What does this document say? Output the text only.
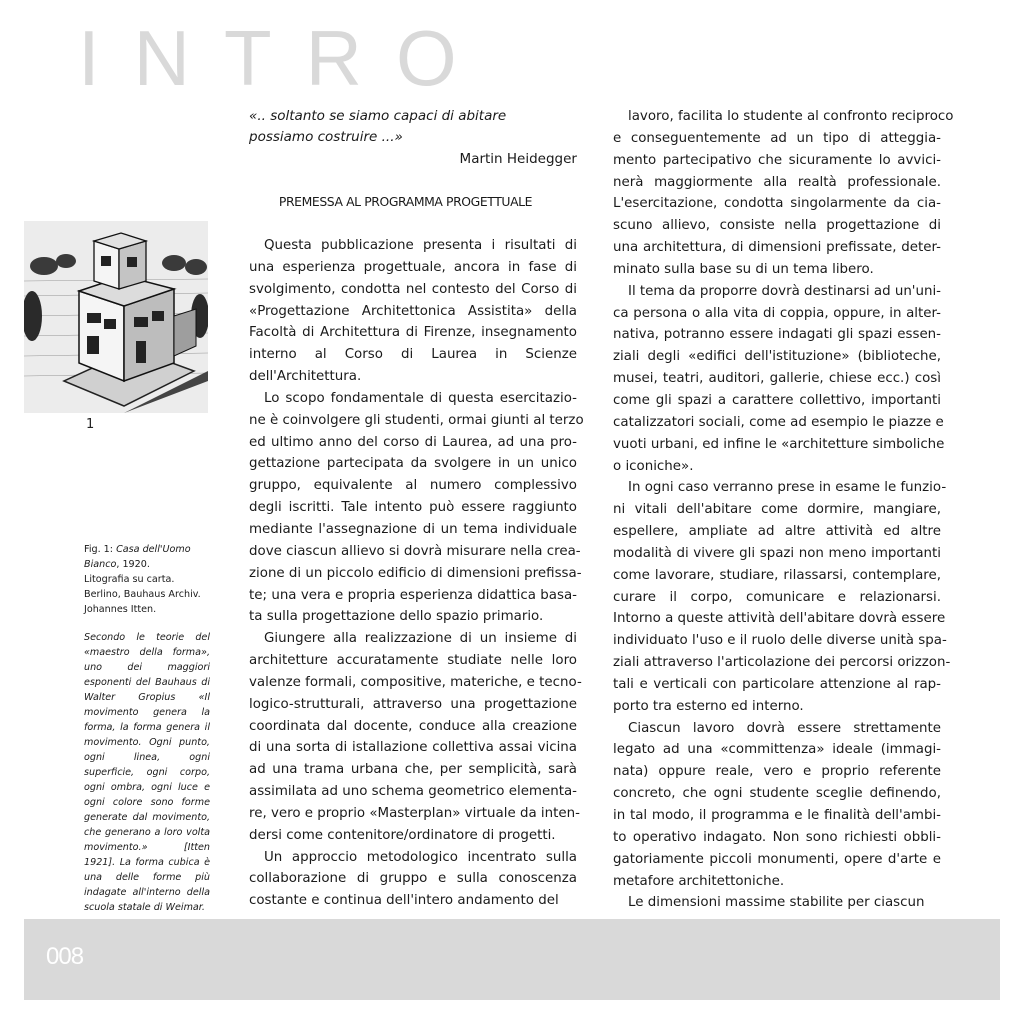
INTRO
1

Fig. 1: Casa dell'Uomo Bianco, 1920.

Litografia su carta. Berlino, Bauhaus Archiv. Johannes Itten.

Secondo le teorie del «maestro della forma», uno dei maggiori esponenti del Bauhaus di Walter Gropius «Il movimento genera la forma, la forma genera il movimento. Ogni punto, ogni linea, ogni superficie, ogni corpo, ogni ombra, ogni luce e ogni colore sono forme generate dal movimento, che generano a loro volta movimento.» [Itten 1921]. La forma cubica è una delle forme più indagate all'interno della scuola statale di Weimar.

«.. soltanto se siamo capaci di abitare
possiamo costruire ...»
Martin Heidegger
PREMESSA AL PROGRAMMA PROGETTUALE
Questa pubblicazione presenta i risultati di
una esperienza progettuale, ancora in fase di
svolgimento, condotta nel contesto del Corso di
«Progettazione Architettonica Assistita» della
Facoltà di Architettura di Firenze, insegnamento
interno al Corso di Laurea in Scienze
dell'Architettura.
Lo scopo fondamentale di questa esercitazio-
ne è coinvolgere gli studenti, ormai giunti al terzo
ed ultimo anno del corso di Laurea, ad una pro-
gettazione partecipata da svolgere in un unico
gruppo, equivalente al numero complessivo
degli iscritti. Tale intento può essere raggiunto
mediante l'assegnazione di un tema individuale
dove ciascun allievo si dovrà misurare nella crea-
zione di un piccolo edificio di dimensioni prefissa-
te; una vera e propria esperienza didattica basa-
ta sulla progettazione dello spazio primario.
Giungere alla realizzazione di un insieme di
architetture accuratamente studiate nelle loro
valenze formali, compositive, materiche, e tecno-
logico-strutturali, attraverso una progettazione
coordinata dal docente, conduce alla creazione
di una sorta di istallazione collettiva assai vicina
ad una trama urbana che, per semplicità, sarà
assimilata ad uno schema geometrico elementa-
re, vero e proprio «Masterplan» virtuale da inten-
dersi come contenitore/ordinatore di progetti.
Un approccio metodologico incentrato sulla
collaborazione di gruppo e sulla conoscenza
costante e continua dell'intero andamento del
lavoro, facilita lo studente al confronto reciproco
e conseguentemente ad un tipo di atteggia-
mento partecipativo che sicuramente lo avvici-
nerà maggiormente alla realtà professionale.
L'esercitazione, condotta singolarmente da cia-
scuno allievo, consiste nella progettazione di
una architettura, di dimensioni prefissate, deter-
minato sulla base su di un tema libero.
Il tema da proporre dovrà destinarsi ad un'uni-
ca persona o alla vita di coppia, oppure, in alter-
nativa, potranno essere indagati gli spazi essen-
ziali degli «edifici dell'istituzione» (biblioteche,
musei, teatri, auditori, gallerie, chiese ecc.) così
come gli spazi a carattere collettivo, importanti
catalizzatori sociali, come ad esempio le piazze e
vuoti urbani, ed infine le «architetture simboliche
o iconiche».
In ogni caso verranno prese in esame le funzio-
ni vitali dell'abitare come dormire, mangiare,
espellere, ampliate ad altre attività ed altre
modalità di vivere gli spazi non meno importanti
come lavorare, studiare, rilassarsi, contemplare,
curare il corpo, comunicare e relazionarsi.
Intorno a queste attività dell'abitare dovrà essere
individuato l'uso e il ruolo delle diverse unità spa-
ziali attraverso l'articolazione dei percorsi orizzon-
tali e verticali con particolare attenzione al rap-
porto tra esterno ed interno.
Ciascun lavoro dovrà essere strettamente
legato ad una «committenza» ideale (immagi-
nata) oppure reale, vero e proprio referente
concreto, che ogni studente sceglie definendo,
in tal modo, il programma e le finalità dell'ambi-
to operativo indagato. Non sono richiesti obbli-
gatoriamente piccoli monumenti, opere d'arte e
metafore architettoniche.
Le dimensioni massime stabilite per ciascun
008
